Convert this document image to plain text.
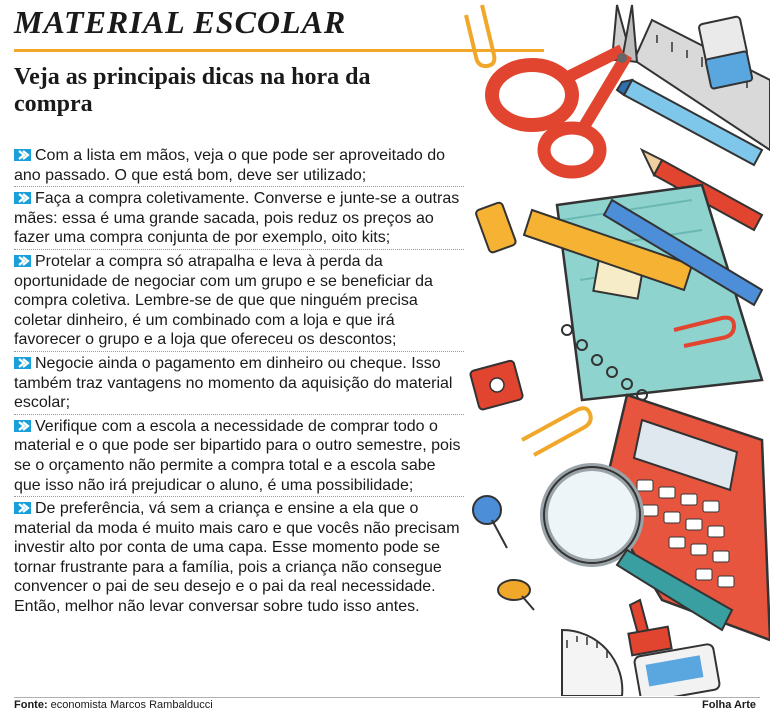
MATERIAL ESCOLAR
Veja as principais dicas na hora da compra

Com a lista em mãos, veja o que pode ser aproveitado do ano passado. O que está bom, deve ser utilizado;

Faça a compra coletivamente. Converse e junte-se a outras mães: essa é uma grande sacada, pois reduz os preços ao fazer uma compra conjunta de por exemplo, oito kits;

Protelar a compra só atrapalha e leva à perda da oportunidade de negociar com um grupo e se beneficiar da compra coletiva. Lembre-se de que que ninguém precisa coletar dinheiro, é um combinado com a loja e que irá favorecer o grupo e a loja que ofereceu os descontos;

Negocie ainda o pagamento em dinheiro ou cheque. Isso também traz vantagens no momento da aquisição do material escolar;

Verifique com a escola a necessidade de comprar todo o material e o que pode ser bipartido para o outro semestre, pois se o orçamento não permite a compra total e a escola sabe que isso não irá prejudicar o aluno, é uma possibilidade;

De preferência, vá sem a criança e ensine a ela que o material da moda é muito mais caro e que vocês não precisam investir alto por conta de uma capa. Esse momento pode se tornar frustrante para a família, pois a criança não consegue convencer o pai de seu desejo e o pai da real necessidade. Então, melhor não levar conversar sobre tudo isso antes.

Fonte: economista Marcos Rambalducci	Folha Arte
